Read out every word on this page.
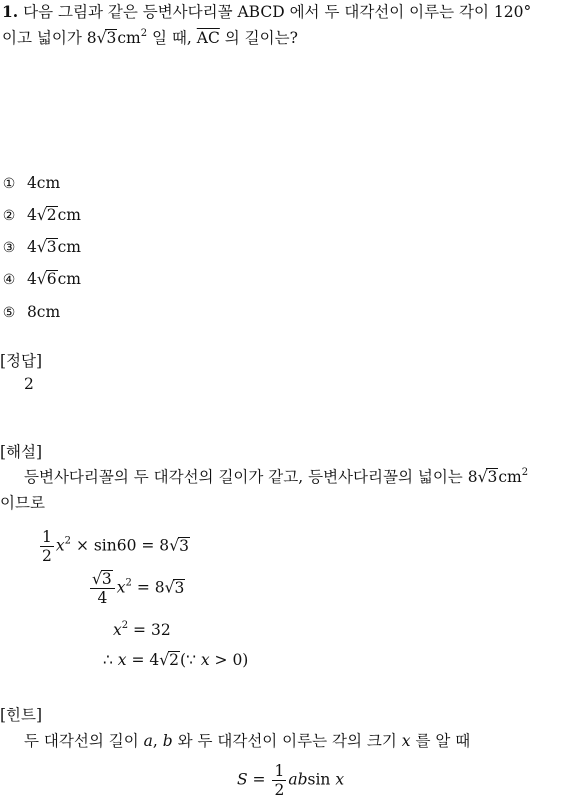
1. 다음 그림과 같은 등변사다리꼴 ABCD 에서 두 대각선이 이루는 각이 120°
이고 넓이가 $8√3cm^2$ 일 때, $\overline{AC}$ 의 길이는?
① 4cm
② 4√2cm
③ 4√3cm
④ 4√6cm
⑤ 8cm
[정답]
2
[해설]
등변사다리꼴의 두 대각선의 길이가 같고, 등변사다리꼴의 넓이는 $8√3cm^2$
이므로
$\frac{1}{2} x^2 \times \sin 60 = 8√3$
$\frac{√3}{4} x^2 = 8√3$
$x^2 = 32$
∴ x = 4√2(∵ x > 0)
[힌트]
두 대각선의 길이 a, b 와 두 대각선이 이루는 각의 크기 x 를 알 때
$S = \frac{1}{2}$ absin x
